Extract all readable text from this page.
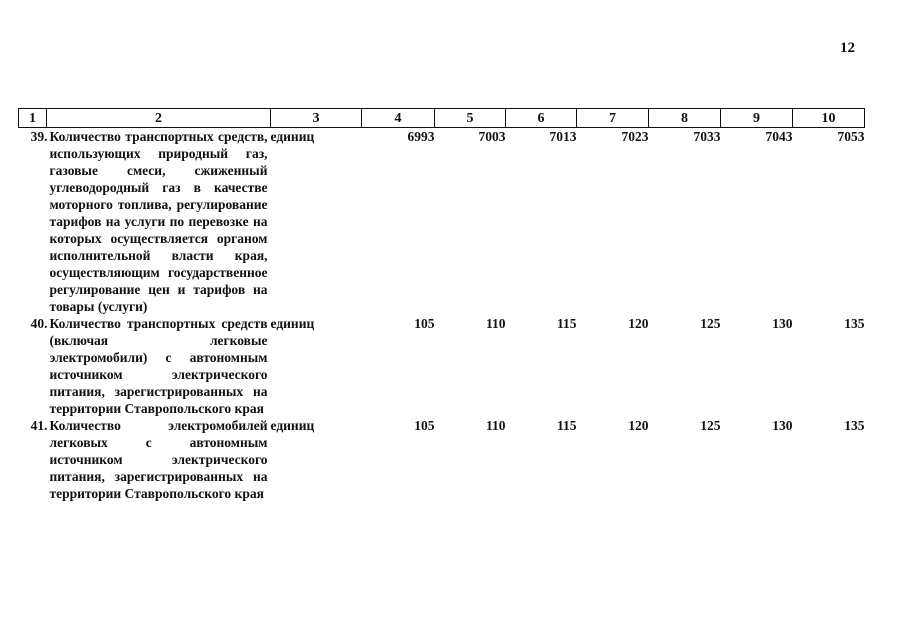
12
1	2	3	4	5	6	7	8	9	10

39. Количество транспортных средств, использующих природный газ, газовые смеси, сжиженный углеводородный газ в качестве моторного топлива, регулирование тарифов на услуги по перевозке на которых осуществляется органом исполнительной власти края, осуществляющим государственное регулирование цен и тарифов на товары (услуги)		единиц	6993	7003	7013	7023	7033	7043	7053

40. Количество транспортных средств (включая легковые электромобили) с автономным источником электрического питания, зарегистрированных на территории Ставропольского края		единиц	105	110	115	120	125	130	135

41. Количество электромобилей легковых с автономным источником электрического питания, зарегистрированных на территории Ставропольского края		единиц	105	110	115	120	125	130	135
